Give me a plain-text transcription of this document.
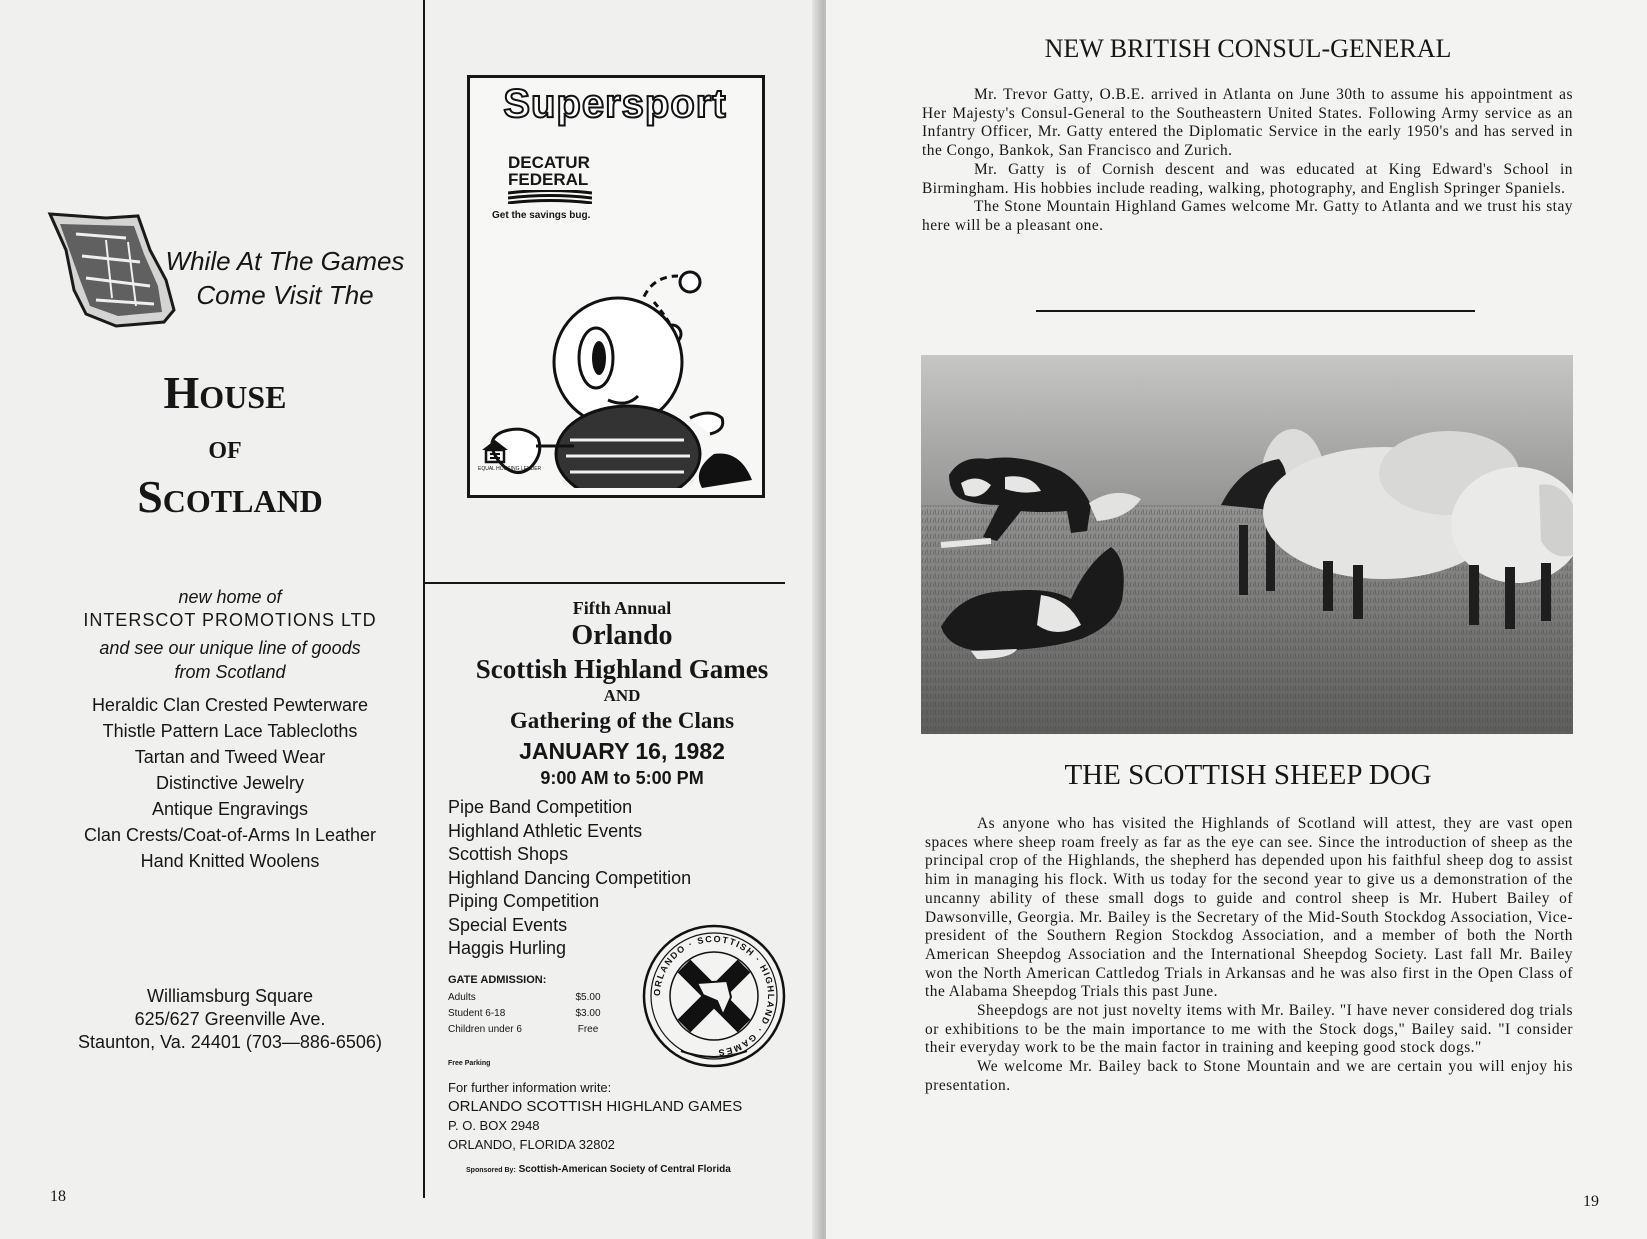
While At The Games
Come Visit The
House
of
Scotland
new home of
INTERSCOT PROMOTIONS LTD
and see our unique line of goods
from Scotland
Heraldic Clan Crested Pewterware
Thistle Pattern Lace Tablecloths
Tartan and Tweed Wear
Distinctive Jewelry
Antique Engravings
Clan Crests/Coat-of-Arms In Leather
Hand Knitted Woolens
Williamsburg Square
625/627 Greenville Ave.
Staunton, Va. 24401 (703—886-6506)
Supersport
DECATUR
FEDERAL
Get the savings bug.
EQUAL HOUSING LENDER
Fifth Annual
Orlando
Scottish Highland Games
AND
Gathering of the Clans
JANUARY 16, 1982
9:00 AM to 5:00 PM
Pipe Band Competition
Highland Athletic Events
Scottish Shops
Highland Dancing Competition
Piping Competition
Special Events
Haggis Hurling
GATE ADMISSION:
Adults	$5.00
Student 6-18	$3.00
Children under 6	Free
Free Parking
For further information write:
ORLANDO SCOTTISH HIGHLAND GAMES
P. O. BOX 2948
ORLANDO, FLORIDA 32802
Sponsored By: Scottish-American Society of Central Florida
ORLANDO · SCOTTISH · HIGHLAND · GAMES
18
NEW BRITISH CONSUL-GENERAL

Mr. Trevor Gatty, O.B.E. arrived in Atlanta on June 30th to assume his appointment as Her Majesty's Consul-General to the Southeastern United States. Following Army service as an Infantry Officer, Mr. Gatty entered the Diplomatic Service in the early 1950's and has served in the Congo, Bankok, San Francisco and Zurich.

Mr. Gatty is of Cornish descent and was educated at King Edward's School in Birmingham. His hobbies include reading, walking, photography, and English Springer Spaniels.

The Stone Mountain Highland Games welcome Mr. Gatty to Atlanta and we trust his stay here will be a pleasant one.

THE SCOTTISH SHEEP DOG

As anyone who has visited the Highlands of Scotland will attest, they are vast open spaces where sheep roam freely as far as the eye can see. Since the introduction of sheep as the principal crop of the Highlands, the shepherd has depended upon his faithful sheep dog to assist him in managing his flock. With us today for the second year to give us a demonstration of the uncanny ability of these small dogs to guide and control sheep is Mr. Hubert Bailey of Dawsonville, Georgia. Mr. Bailey is the Secretary of the Mid-South Stockdog Association, Vice-president of the Southern Region Stockdog Association, and a member of both the North American Sheepdog Association and the International Sheepdog Society. Last fall Mr. Bailey won the North American Cattledog Trials in Arkansas and he was also first in the Open Class of the Alabama Sheepdog Trials this past June.

Sheepdogs are not just novelty items with Mr. Bailey. "I have never considered dog trials or exhibitions to be the main importance to me with the Stock dogs," Bailey said. "I consider their everyday work to be the main factor in training and keeping good stock dogs."

We welcome Mr. Bailey back to Stone Mountain and we are certain you will enjoy his presentation.

19
